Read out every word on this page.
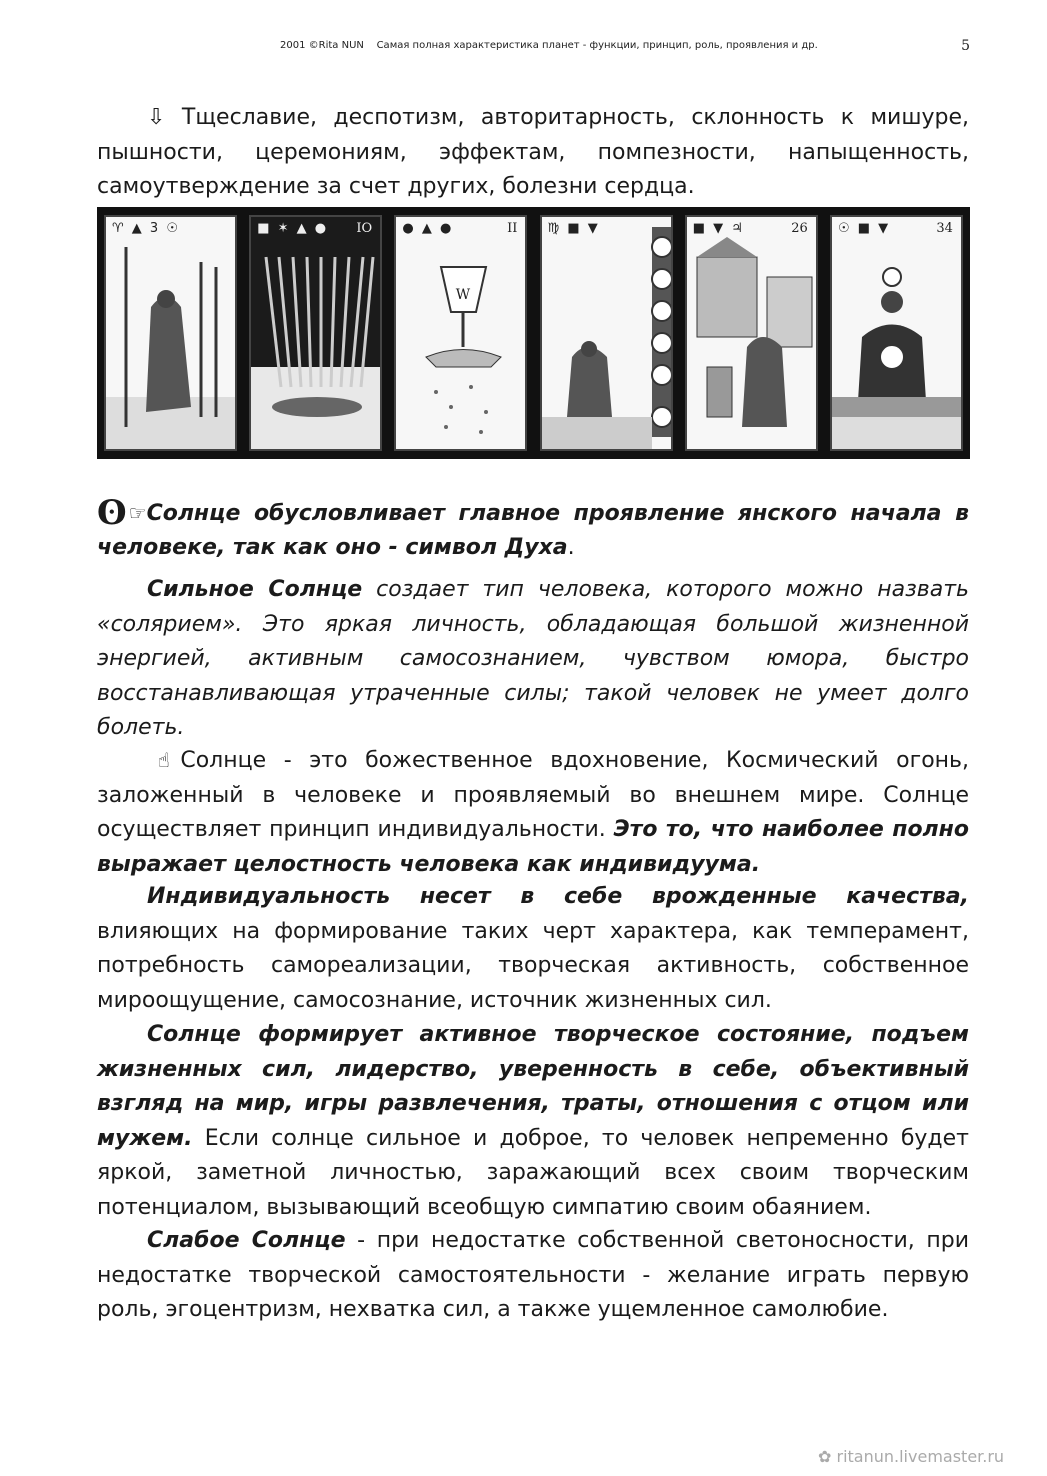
2001 ©Rita NUN    Самая полная характеристика планет - функции, принцип, роль, проявления и др.	5
⇩ Тщеславие, деспотизм, авторитарность, склонность к мишуре, пышности, церемониям, эффектам, помпезности, напыщенность, самоутверждение за счет других, болезни сердца.
♈ ▲ 3 ☉	■ ✶ ▲ ● IO ● ▲ ●	II
W
♍ ■ ▼	■ ▼ ♃	26 ☉ ■ ▼	34
ʘ ☞Солнце обусловливает главное проявление янского начала в человеке, так как оно - символ Духа.
Сильное Солнце создает тип человека, которого можно назвать «солярием». Это яркая личность, обладающая большой жизненной энергией, активным самосознанием, чувством юмора, быстро восстанавливающая утраченные силы; такой человек не умеет долго болеть.
☝Солнце - это божественное вдохновение, Космический огонь, заложенный в человеке и проявляемый во внешнем мире. Солнце осуществляет принцип индивидуальности. Это то, что наиболее полно выражает целостность человека как индивидуума.
Индивидуальность несет в себе врожденные качества, влияющих на формирование таких черт характера, как темперамент, потребность самореализации, творческая активность, собственное мироощущение, самосознание, источник жизненных сил.
Солнце формирует активное творческое состояние, подъем жизненных сил, лидерство, уверенность в себе, объективный взгляд на мир, игры развлечения, траты, отношения с отцом или мужем. Если солнце сильное и доброе, то человек непременно будет яркой, заметной личностью, заражающий всех своим творческим потенциалом, вызывающий всеобщую симпатию своим обаянием.
Слабое Солнце - при недостатке собственной светоносности, при недостатке творческой самостоятельности - желание играть первую роль, эгоцентризм, нехватка сил, а также ущемленное самолюбие.
✿ ritanun.livemaster.ru
